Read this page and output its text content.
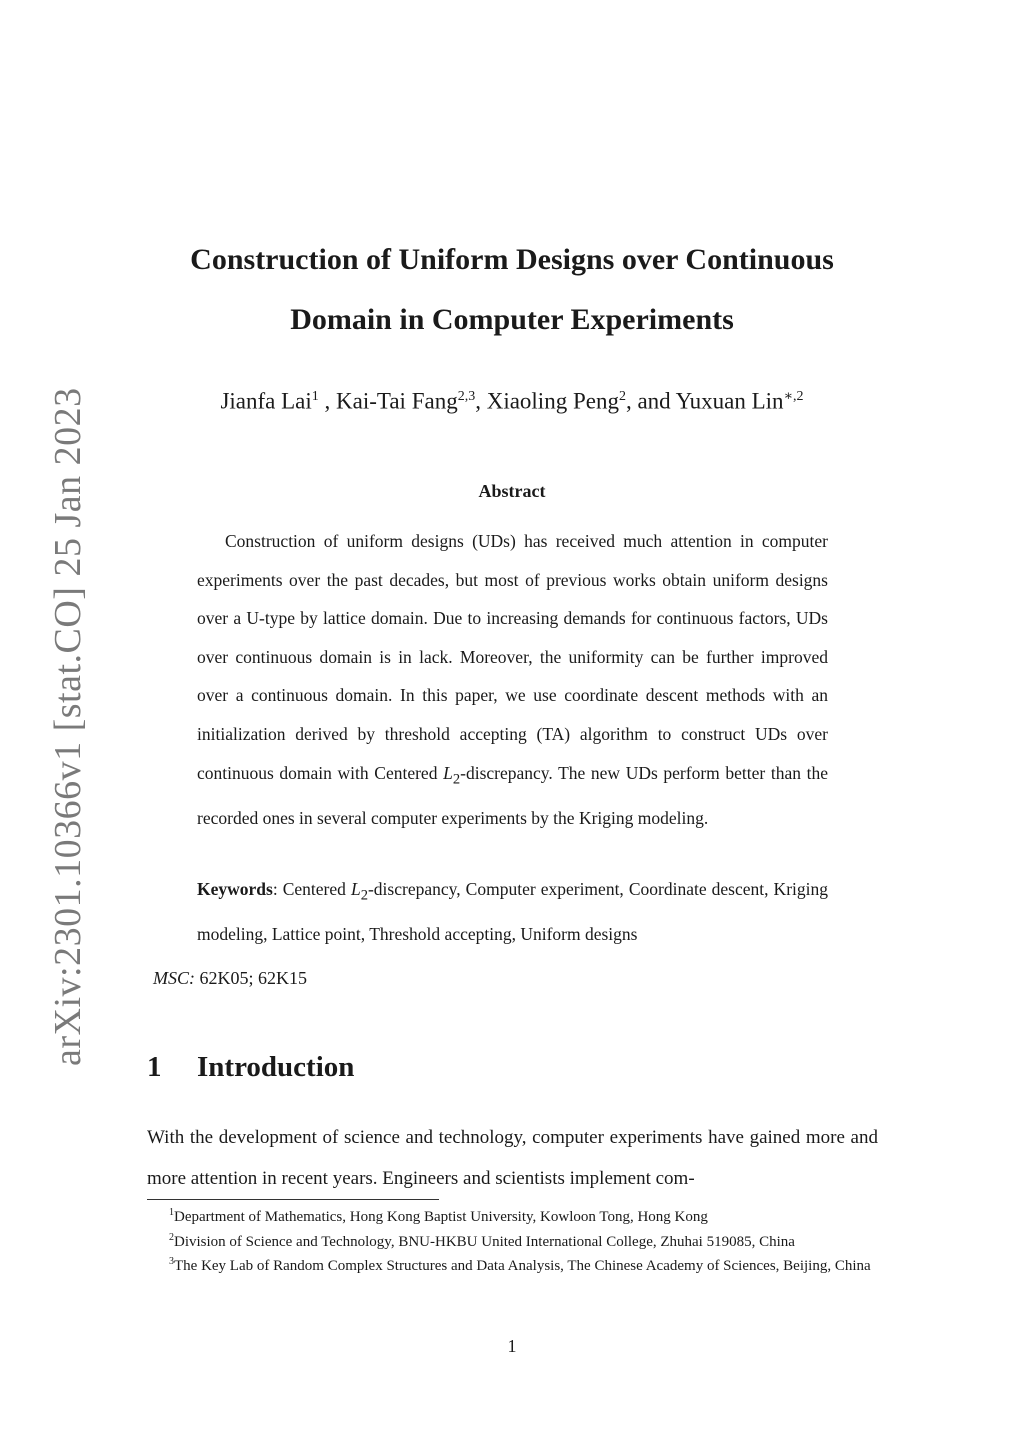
arXiv:2301.10366v1 [stat.CO] 25 Jan 2023
Construction of Uniform Designs over Continuous
Domain in Computer Experiments
Jianfa Lai$^1$ , Kai-Tai Fang$^{2,3}$, Xiaoling Peng$^2$, and Yuxuan Lin$^{∗,2}$
Abstract

Construction of uniform designs (UDs) has received much attention in computer experiments over the past decades, but most of previous works obtain uniform designs over a U-type by lattice domain. Due to increasing demands for continuous factors, UDs over continuous domain is in lack. Moreover, the uniformity can be further improved over a continuous domain. In this paper, we use coordinate descent methods with an initialization derived by threshold accepting (TA) algorithm to construct UDs over continuous domain with Centered $L_2$-discrepancy. The new UDs perform better than the recorded ones in several computer experiments by the Kriging modeling.

Keywords: Centered $L_2$-discrepancy, Computer experiment, Coordinate descent, Kriging modeling, Lattice point, Threshold accepting, Uniform designs

MSC: 62K05; 62K15
1 Introduction

With the development of science and technology, computer experiments have gained more and more attention in recent years. Engineers and scientists implement com-

$^1$Department of Mathematics, Hong Kong Baptist University, Kowloon Tong, Hong Kong

$^2$Division of Science and Technology, BNU-HKBU United International College, Zhuhai 519085, China

$^3$The Key Lab of Random Complex Structures and Data Analysis, The Chinese Academy of Sciences, Beijing, China

1
